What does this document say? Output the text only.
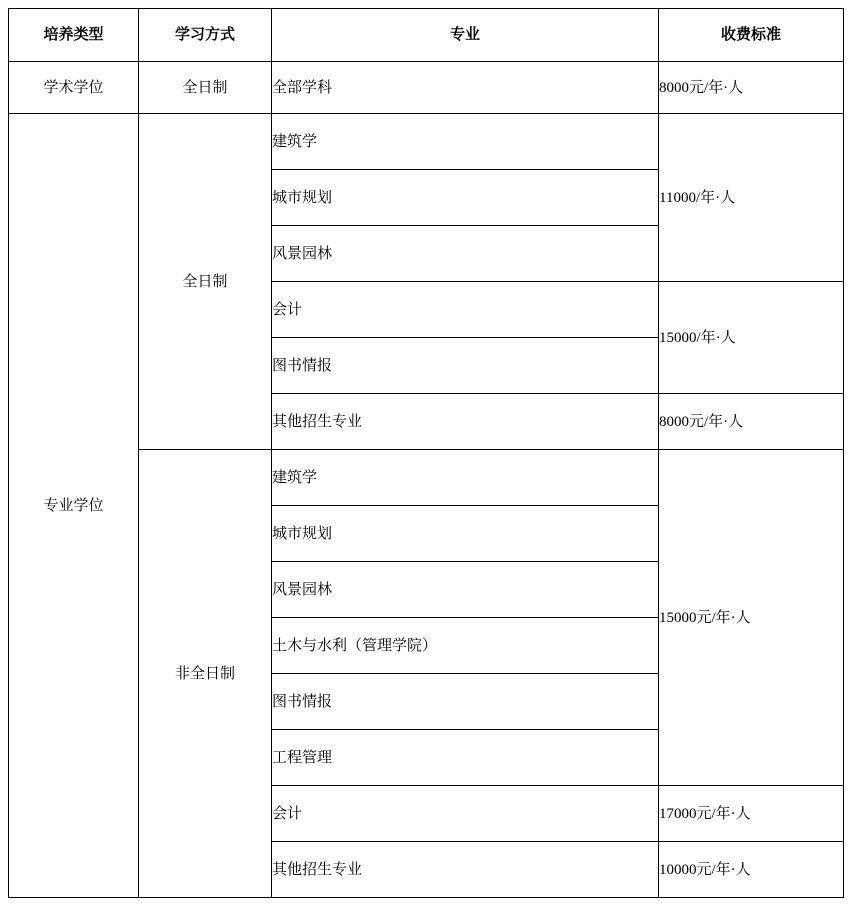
培养类型	学习方式	专业	收费标准
学术学位	全日制	全部学科	8000元/年·人
专业学位	全日制	建筑学	11000/年·人
		城市规划	
		风景园林	
		会计	15000/年·人
		图书情报	
		其他招生专业	8000元/年·人
	非全日制	建筑学	15000元/年·人
		城市规划	
		风景园林	
		土木与水利（管理学院）	
		图书情报	
		工程管理	
		会计	17000元/年·人
		其他招生专业	10000元/年·人
